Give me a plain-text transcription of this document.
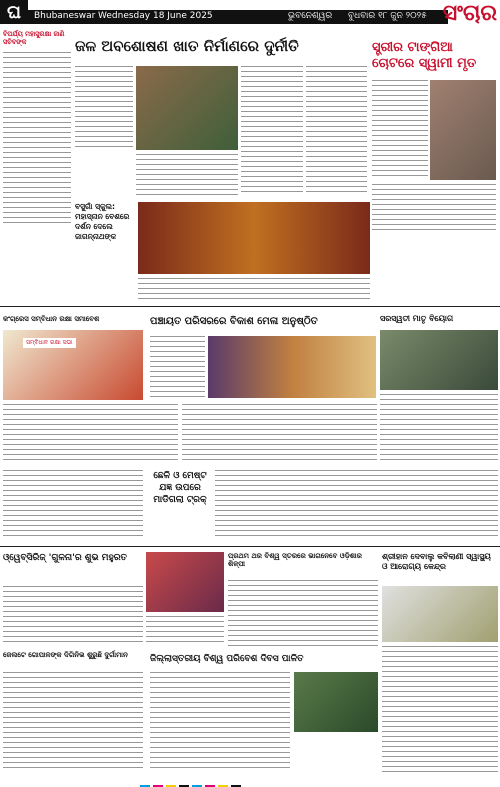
ଘ	Bhubaneswar Wednesday 18 June 2025	ଭୁବନେଶ୍ୱର ବୁଧବାର ୧୮ ଜୁନ ୨୦୨୫ ସଂଚାର
ବିପର୍ଯ୍ୟ ମହାସୁରକ୍ଷା ଜାଣି ସଚିବଙ୍କ	ଜଳ ଅବଶୋଷଣ ଖାତ ନିର୍ମାଣରେ ଦୁର୍ନୀତି	ସ୍ତ୍ରୀର ଟାଙ୍ଗିଆ ଚୋଟରେ ସ୍ୱାମୀ ମୃତ
ବସୁଗାଁ ସ୍କୁଲ: ମହାସ୍ନାନ ବେଶରେ ଦର୍ଶନ ଦେଲେ ଜାଗନ୍ନାଥଙ୍କ
କଂଗ୍ରେସ ସମ୍ବିଧାନ ରକ୍ଷା ସମାବେଶ
ସମ୍ବିଧାନ ରକ୍ଷା ସଭା
ପଞ୍ଚାୟତ ପରିସରରେ ବିକାଶ ମେଳା ଅନୁଷ୍ଠିତ	ସରସ୍ୱତୀ ମାତୃ ବିୟୋଗ
ଛେଳି ଓ ମେଷ୍ଟ ଯଜ୍ଞ ଉପରେ ମାଡିଗଲା ଟ୍ରକ୍
ଓ୍ୱେବ୍‌ସିରିଜ୍ 'ଗୁଳନା'ର ଶୁଭ ମହୁରତ	ପ୍ରଥମ ଥର ବିଶ୍ୱ ସ୍ତରରେ ଭାଗନେବେ ଓଡ଼ିଶାର ଶିଳ୍ପୀ
ଶ୍ରୀହାନ ଦେବାଲୁ କବିଲାଣୀ ସ୍ୱାସ୍ଥ୍ୟ ଓ ଆରୋଗ୍ୟ କେନ୍ଦ୍ର
ଜେଲଟେ ଗୋପାଳଙ୍କ ଦିଗିନିଭ ଶୁରୁଛି ଦୁର୍ଗାମାନ	ଜିଲ୍ଲାସ୍ତରୀୟ ବିଶ୍ୱ ପରିବେଶ ଦିବସ ପାଳିତ
